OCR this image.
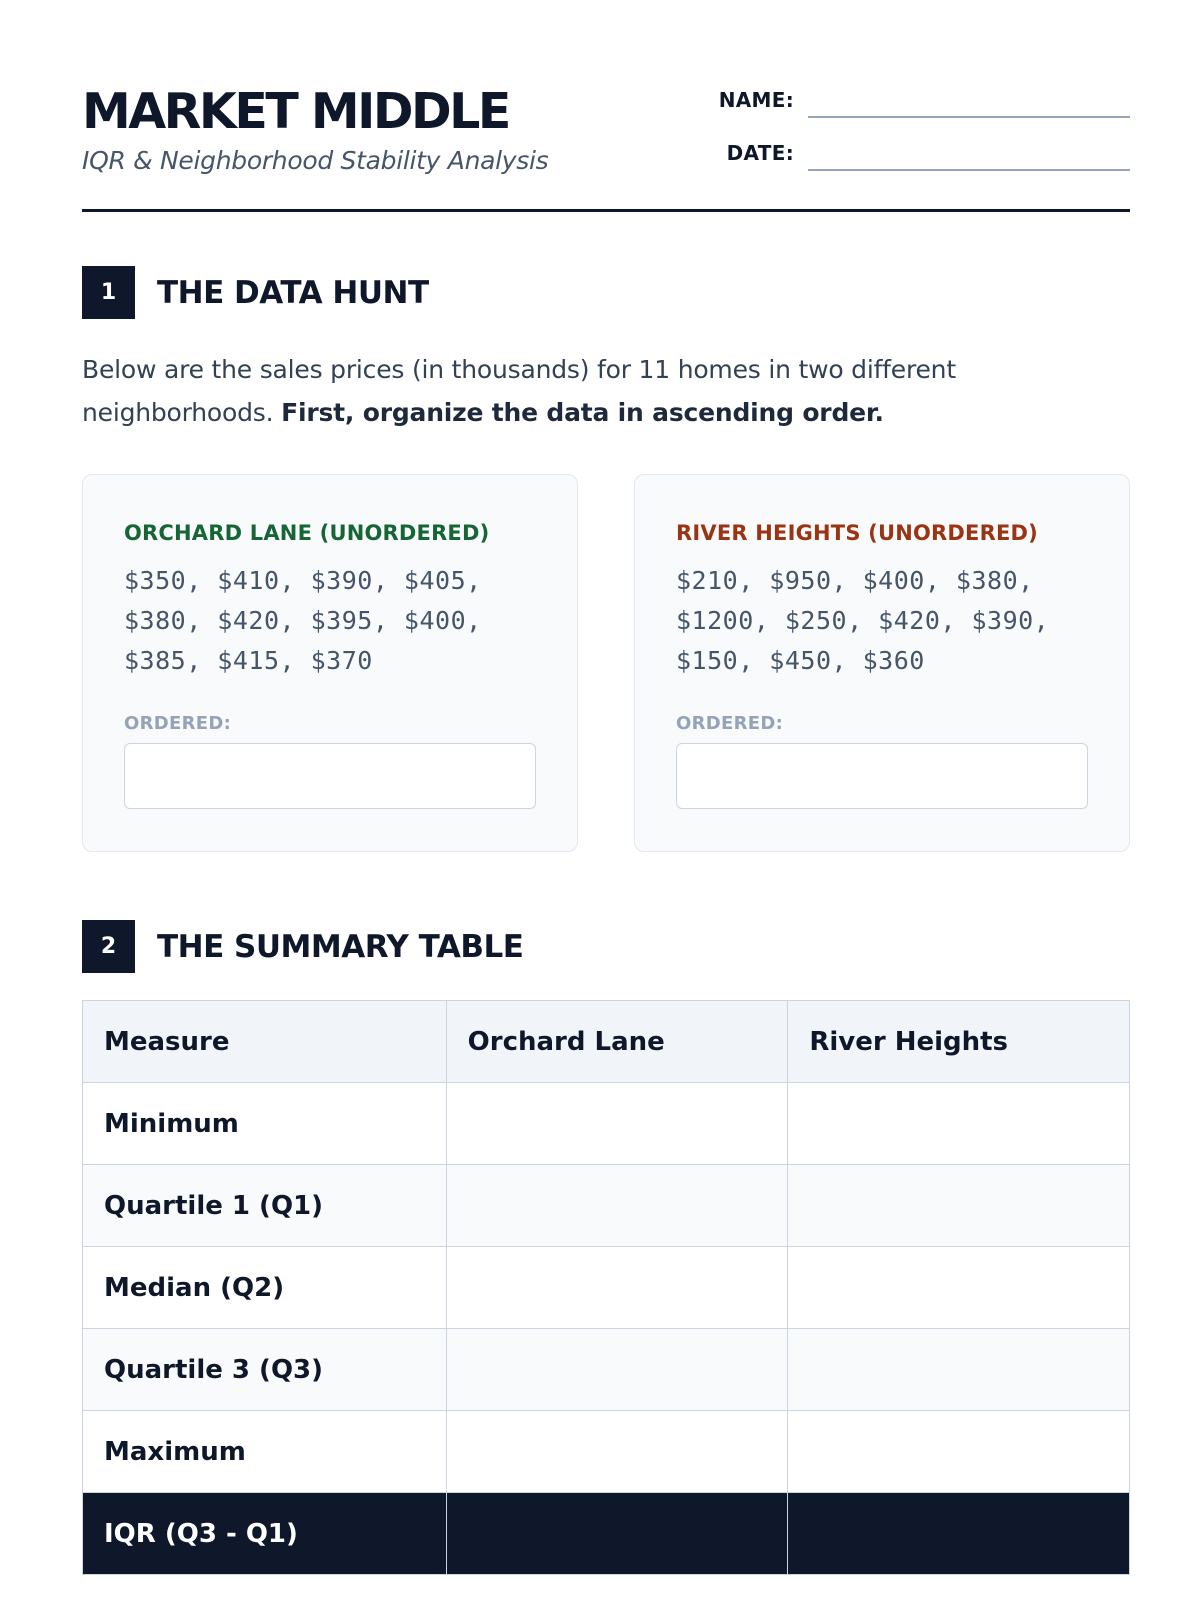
MARKET MIDDLE
IQR & Neighborhood Stability Analysis
NAME:
DATE:
1	THE DATA HUNT
Below are the sales prices (in thousands) for 11 homes in two different neighborhoods. First, organize the data in ascending order.
ORCHARD LANE (UNORDERED)
$350, $410, $390, $405, $380, $420, $395, $400, $385, $415, $370
ORDERED:
RIVER HEIGHTS (UNORDERED)
$210, $950, $400, $380, $1200, $250, $420, $390, $150, $450, $360
ORDERED:
2	THE SUMMARY TABLE
Measure	Orchard Lane	River Heights
Minimum		
Quartile 1 (Q1)		
Median (Q2)		
Quartile 3 (Q3)		
Maximum		
IQR (Q3 - Q1)		
